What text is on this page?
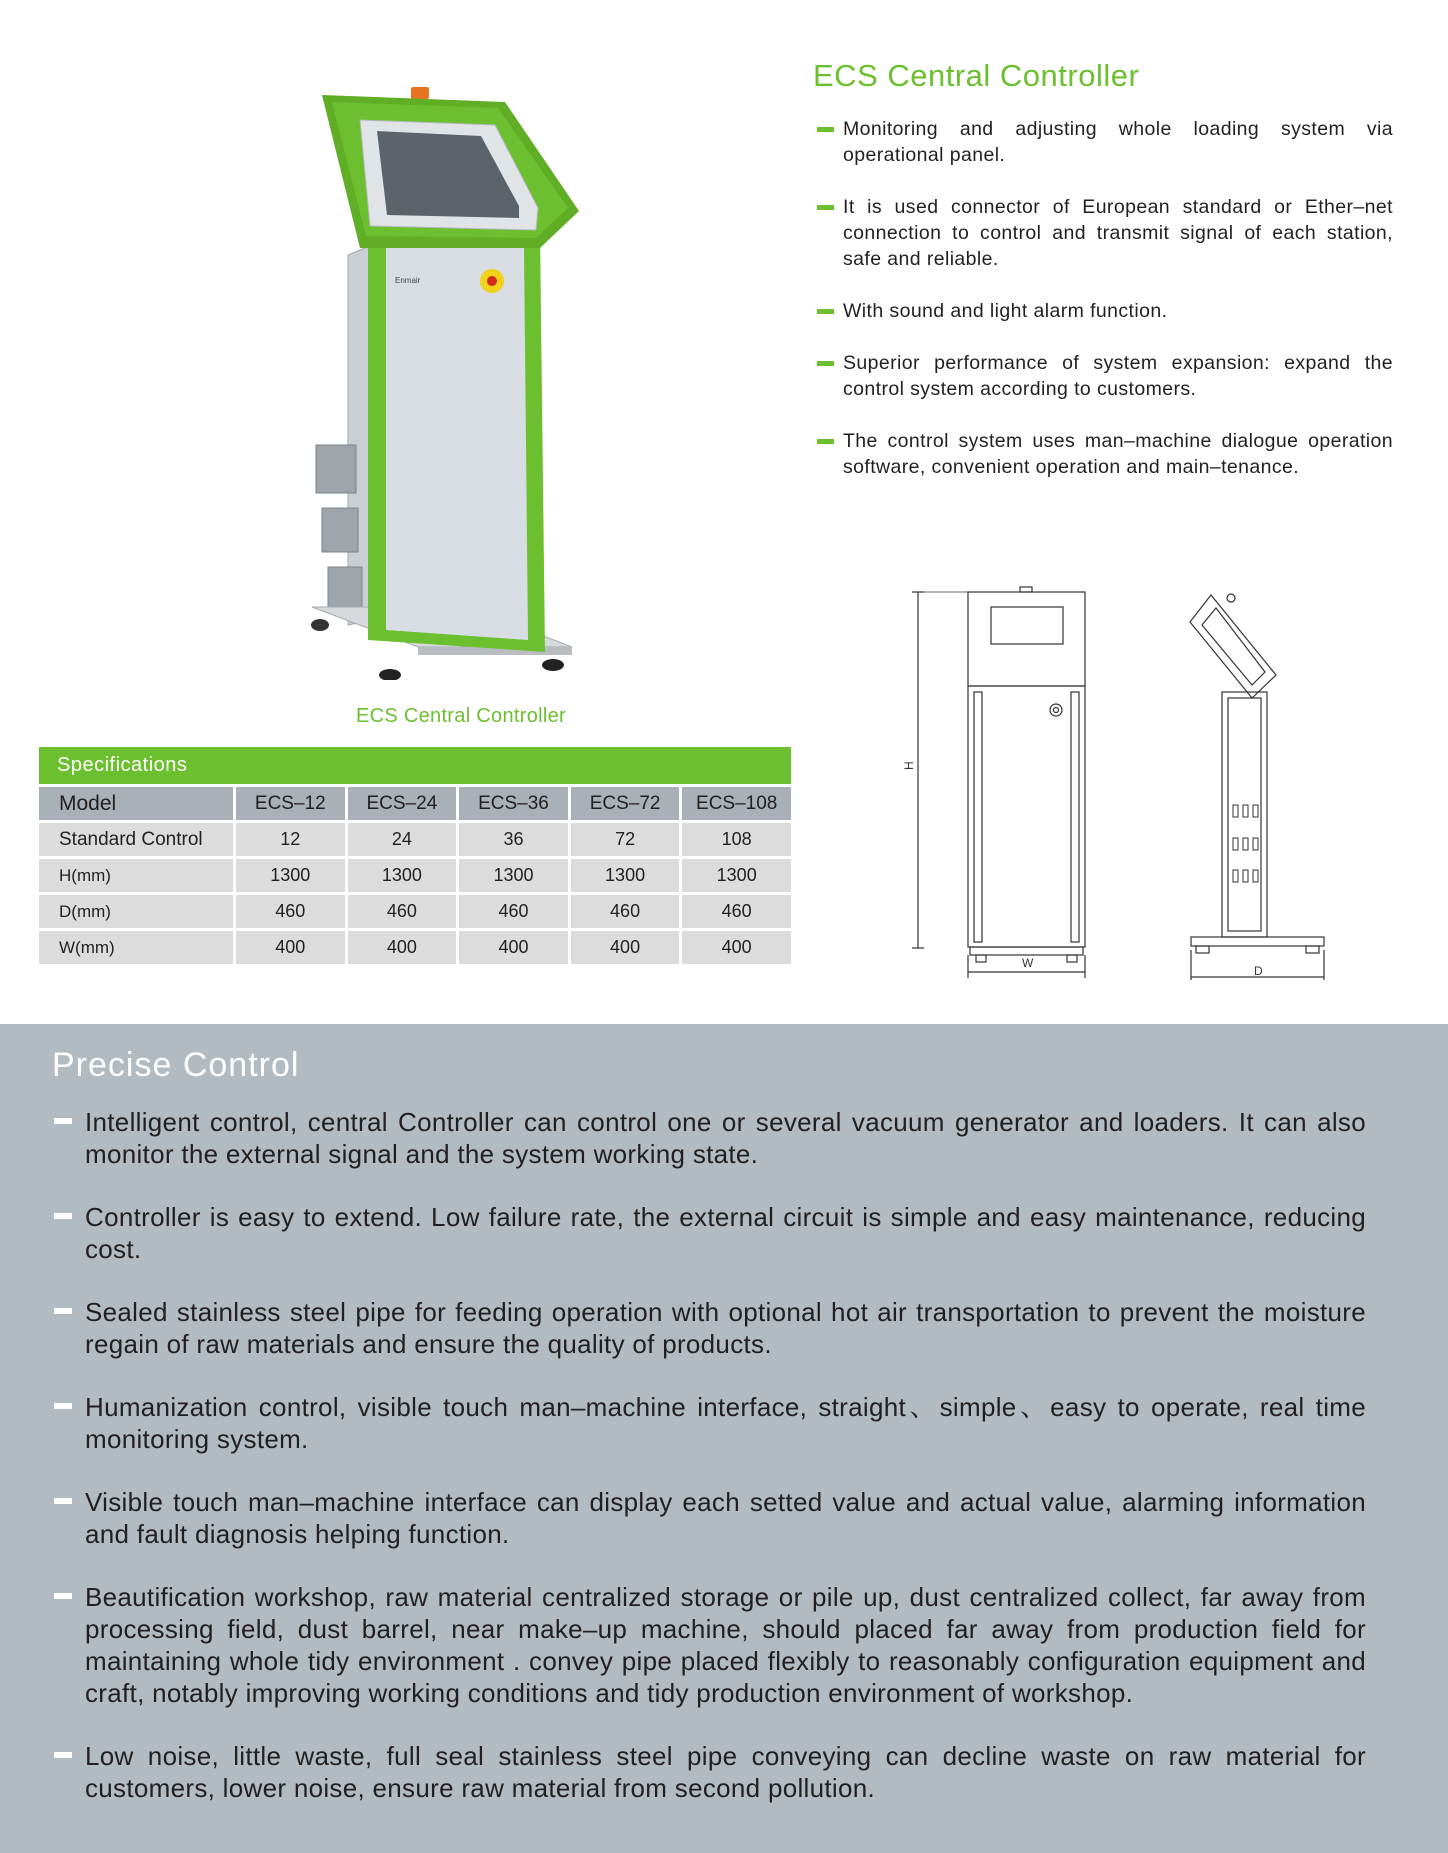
ECS Central Controller
Monitoring and adjusting whole loading system via operational panel.
It is used connector of European standard or Ether–net connection to control and transmit signal of each station, safe and reliable.
With sound and light alarm function.
Superior performance of system expansion: expand the control system according to customers.
The control system uses man–machine dialogue operation software, convenient operation and main–tenance.
Enmair
ECS Central Controller
Specifications
Model	ECS–12	ECS–24	ECS–36	ECS–72	ECS–108
Standard Control	12	24	36	72	108
H(mm)	1300	1300	1300	1300	1300
D(mm)	460	460	460	460	460
W(mm)	400	400	400	400	400
H
W
D
Precise Control
Intelligent control, central Controller can control one or several vacuum generator and loaders. It can also monitor the external signal and the system working state.
Controller is easy to extend. Low failure rate, the external circuit is simple and easy maintenance, reducing cost.
Sealed stainless steel pipe for feeding operation with optional hot air transportation to prevent the moisture regain of raw materials and ensure the quality of products.
Humanization control, visible touch man–machine interface, straight、simple、easy to operate, real time monitoring system.
Visible touch man–machine interface can display each setted value and actual value, alarming information and fault diagnosis helping function.
Beautification workshop, raw material centralized storage or pile up, dust centralized collect, far away from processing field, dust barrel, near make–up machine, should placed far away from production field for maintaining whole tidy environment . convey pipe placed flexibly to reasonably configuration equipment and craft, notably improving working conditions and tidy production environment of workshop.
Low noise, little waste, full seal stainless steel pipe conveying can decline waste on raw material for customers, lower noise, ensure raw material from second pollution.
